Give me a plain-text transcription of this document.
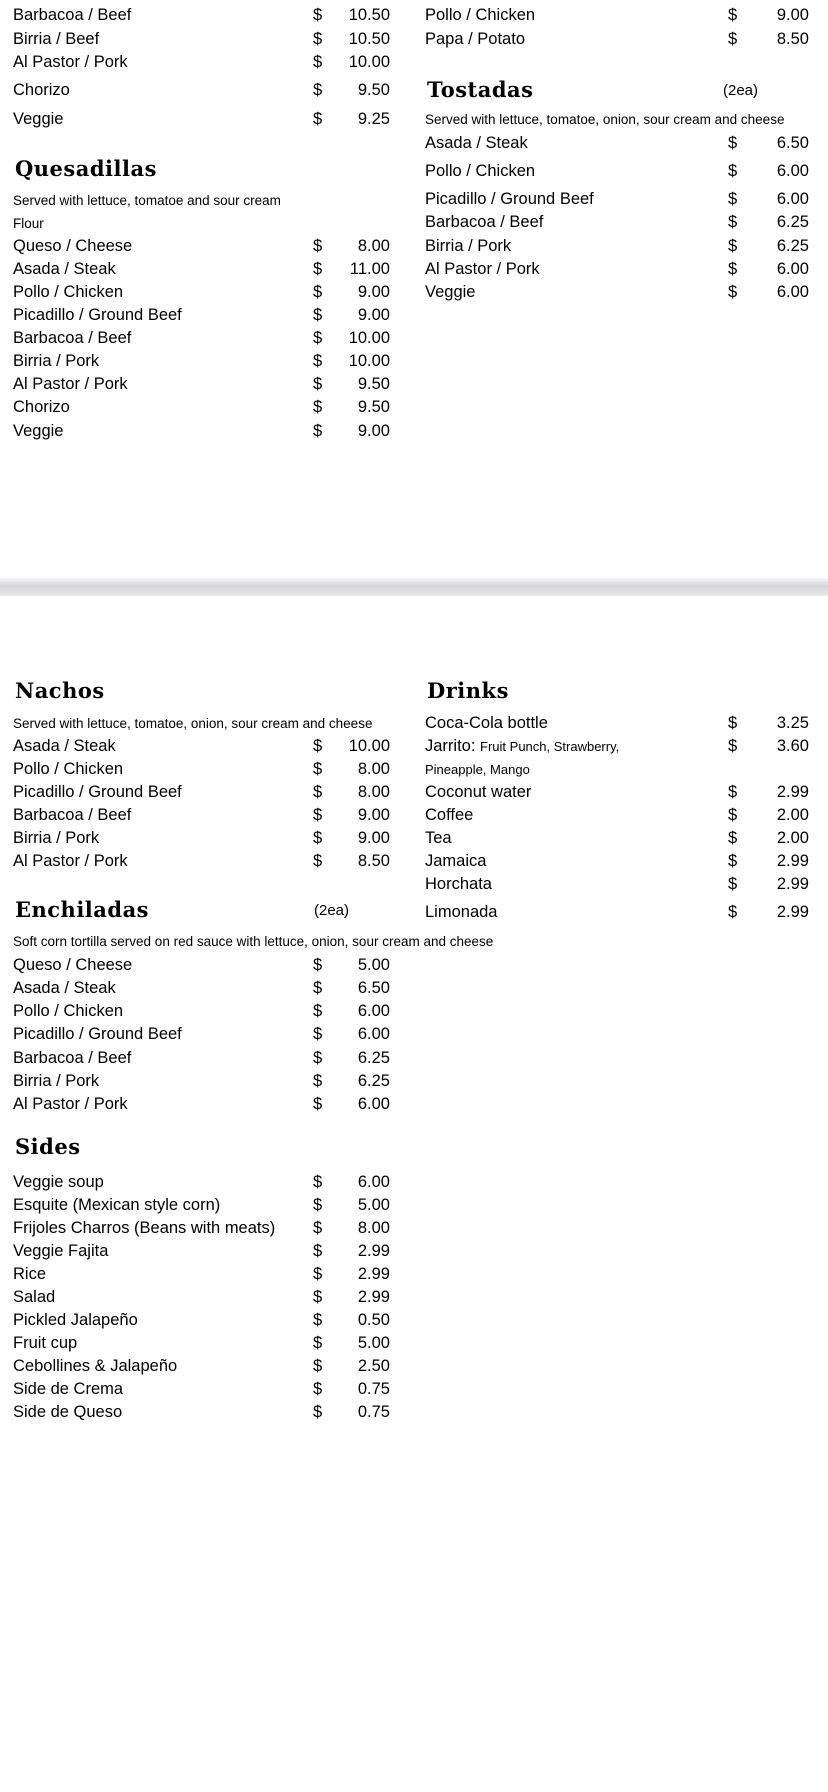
Barbacoa / Beef	$	10.50
Birria / Beef	$	10.50
Al Pastor / Pork	$	10.00
Chorizo	$	9.50
Veggie	$	9.25
Quesadillas
Served with lettuce, tomatoe and sour cream
Flour
Queso / Cheese	$	8.00
Asada / Steak	$	11.00
Pollo / Chicken	$	9.00
Picadillo / Ground Beef	$	9.00
Barbacoa / Beef	$	10.00
Birria / Pork	$	10.00
Al Pastor / Pork	$	9.50
Chorizo	$	9.50
Veggie	$	9.00
Pollo / Chicken	$	9.00
Papa / Potato	$	8.50
Tostadas	(2ea)
Served with lettuce, tomatoe, onion, sour cream and cheese
Asada / Steak	$	6.50
Pollo / Chicken	$	6.00
Picadillo / Ground Beef	$	6.00
Barbacoa / Beef	$	6.25
Birria / Pork	$	6.25
Al Pastor / Pork	$	6.00
Veggie	$	6.00
Nachos
Served with lettuce, tomatoe, onion, sour cream and cheese
Asada / Steak	$	10.00
Pollo / Chicken	$	8.00
Picadillo / Ground Beef	$	8.00
Barbacoa / Beef	$	9.00
Birria / Pork	$	9.00
Al Pastor / Pork	$	8.50
Enchiladas	(2ea)
Soft corn tortilla served on red sauce with lettuce, onion, sour cream and cheese
Queso / Cheese	$	5.00
Asada / Steak	$	6.50
Pollo / Chicken	$	6.00
Picadillo / Ground Beef	$	6.00
Barbacoa / Beef	$	6.25
Birria / Pork	$	6.25
Al Pastor / Pork	$	6.00
Sides
Veggie soup	$	6.00
Esquite (Mexican style corn)	$	5.00
Frijoles Charros (Beans with meats) $	8.00
Veggie Fajita	$	2.99
Rice	$	2.99
Salad	$	2.99
Pickled Jalapeño	$	0.50
Fruit cup	$	5.00
Cebollines & Jalapeño	$	2.50
Side de Crema	$	0.75
Side de Queso	$	0.75
Drinks
Coca-Cola bottle	$	3.25
Jarrito: Fruit Punch, Strawberry,	$	3.60
Pineapple, Mango
Coconut water	$	2.99
Coffee	$	2.00
Tea	$	2.00
Jamaica	$	2.99
Horchata	$	2.99
Limonada	$	2.99
